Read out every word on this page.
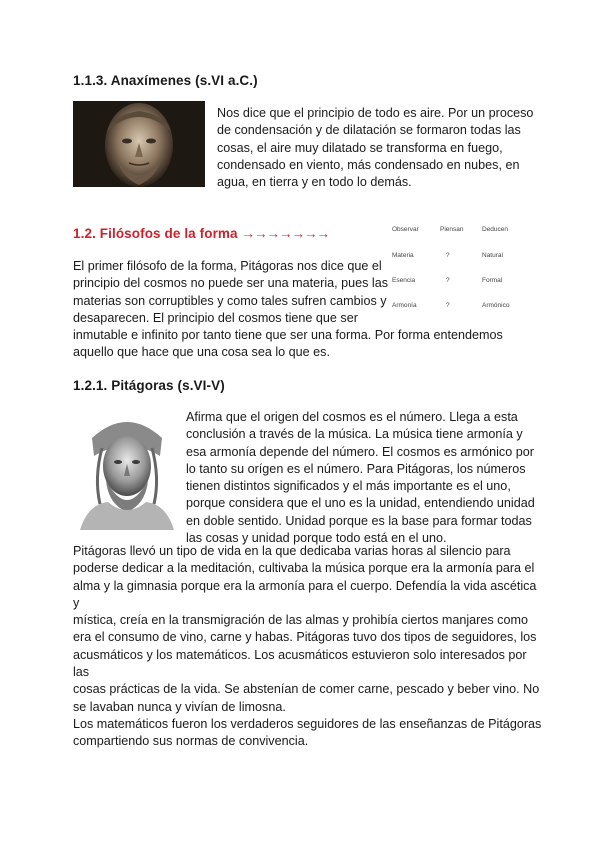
1.1.3. Anaxímenes (s.VI a.C.)
Nos dice que el principio de todo es aire. Por un proceso
de condensación y de dilatación se formaron todas las
cosas, el aire muy dilatado se transforma en fuego,
condensado en viento, más condensado en nubes, en
agua, en tierra y en todo lo demás.
1.2. Filósofos de la forma →→→→→→→	Observar	Piensan	Deducen
Materia	?	Natural
Esencia	?	Formal
Armonía	?	Armónico
El primer filósofo de la forma, Pitágoras nos dice que el
principio del cosmos no puede ser una materia, pues las
materias son corruptibles y como tales sufren cambios y
desaparecen. El principio del cosmos tiene que ser
inmutable e infinito por tanto tiene que ser una forma. Por forma entendemos
aquello que hace que una cosa sea lo que es.
1.2.1. Pitágoras (s.VI-V)
Afirma que el origen del cosmos es el número. Llega a esta
conclusión a través de la música. La música tiene armonía y
esa armonía depende del número. El cosmos es armónico por
lo tanto su orígen es el número. Para Pitágoras, los números
tienen distintos significados y el más importante es el uno,
porque considera que el uno es la unidad, entendiendo unidad
en doble sentido. Unidad porque es la base para formar todas
las cosas y unidad porque todo está en el uno.
Pitágoras llevó un tipo de vida en la que dedicaba varias horas al silencio para
poderse dedicar a la meditación, cultivaba la música porque era la armonía para el
alma y la gimnasia porque era la armonía para el cuerpo. Defendía la vida ascética y
mística, creía en la transmigración de las almas y prohibía ciertos manjares como
era el consumo de vino, carne y habas. Pitágoras tuvo dos tipos de seguidores, los
acusmáticos y los matemáticos. Los acusmáticos estuvieron solo interesados por las
cosas prácticas de la vida. Se abstenían de comer carne, pescado y beber vino. No
se lavaban nunca y vivían de limosna.
Los matemáticos fueron los verdaderos seguidores de las enseñanzas de Pitágoras
compartiendo sus normas de convivencia.
